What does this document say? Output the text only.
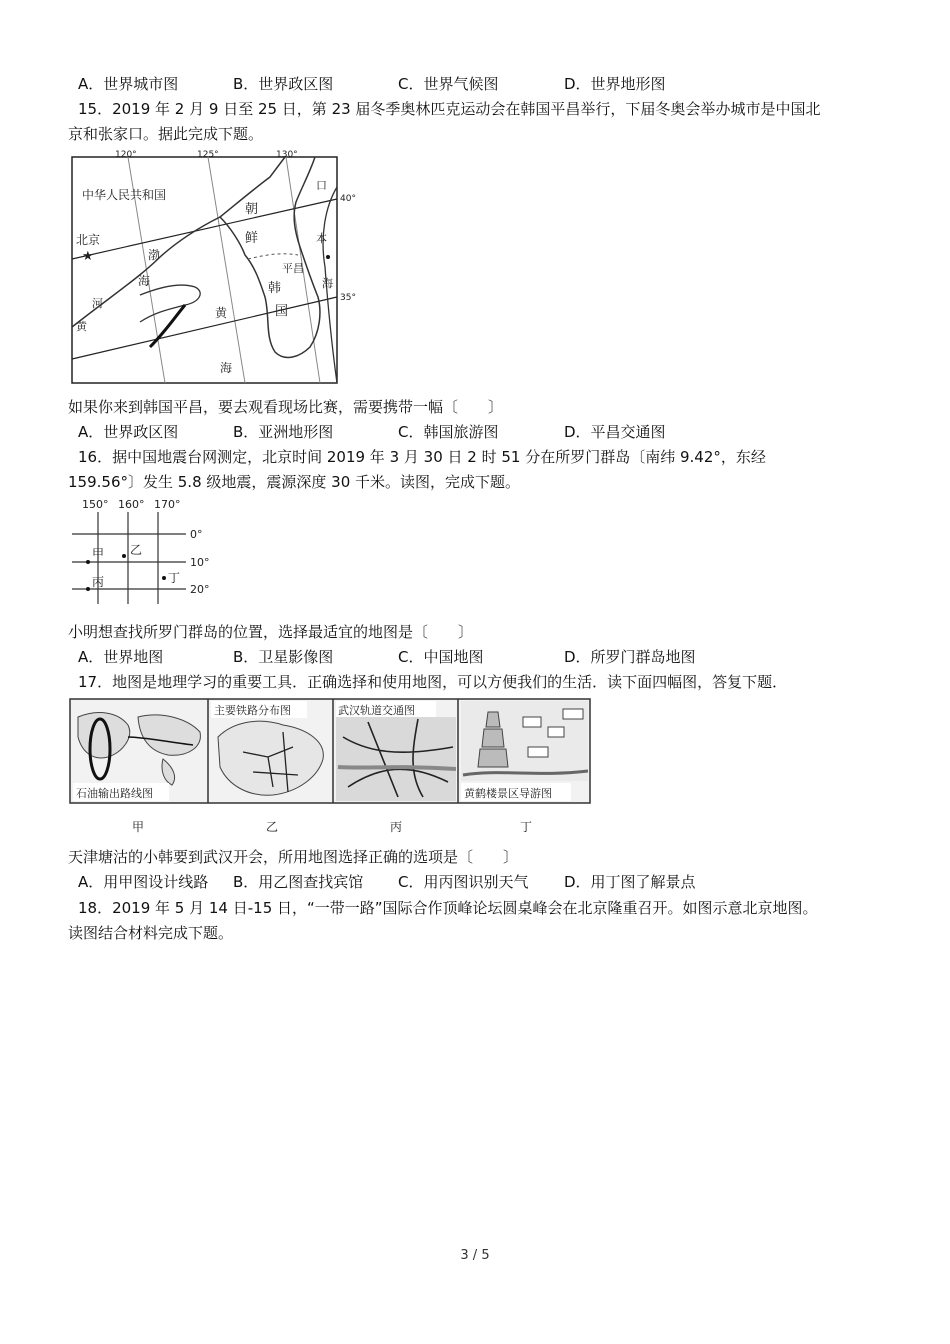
A．世界城市图	B．世界政区图	C．世界气候图	D．世界地形图
15．2019 年 2 月 9 日至 25 日，第 23 届冬季奥林匹克运动会在韩国平昌举行，下届冬奥会举办城市是中国北
京和张家口。据此完成下题。
★
120°	125°	130°
40°
35°
中华人民共和国
北京
朝
鲜
平昌
韩
国
渤
海
黄
海
河
黄
口
本
海
如果你来到韩国平昌，要去观看现场比赛，需要携带一幅〔　　〕
A．世界政区图	B．亚洲地形图	C．韩国旅游图	D．平昌交通图
16．据中国地震台网测定，北京时间 2019 年 3 月 30 日 2 时 51 分在所罗门群岛〔南纬 9.42°，东经
159.56°〕发生 5.8 级地震，震源深度 30 千米。读图，完成下题。
150° 160° 170°
0°
10°
20°
甲 乙
丙	丁
小明想查找所罗门群岛的位置，选择最适宜的地图是〔　　〕
A．世界地图	B．卫星影像图	C．中国地图	D．所罗门群岛地图
17．地图是地理学习的重要工具．正确选择和使用地图，可以方便我们的生活．读下面四幅图，答复下题．
石油输出路线图
主要铁路分布图	武汉轨道交通图
黄鹤楼景区导游图
甲	乙	丙	丁
天津塘沽的小韩要到武汉开会，所用地图选择正确的选项是〔　　〕
A．用甲图设计线路 B．用乙图查找宾馆 C．用丙图识别天气 D．用丁图了解景点
18．2019 年 5 月 14 日-15 日，“一带一路”国际合作顶峰论坛圆桌峰会在北京隆重召开。如图示意北京地图。
读图结合材料完成下题。
3 / 5
